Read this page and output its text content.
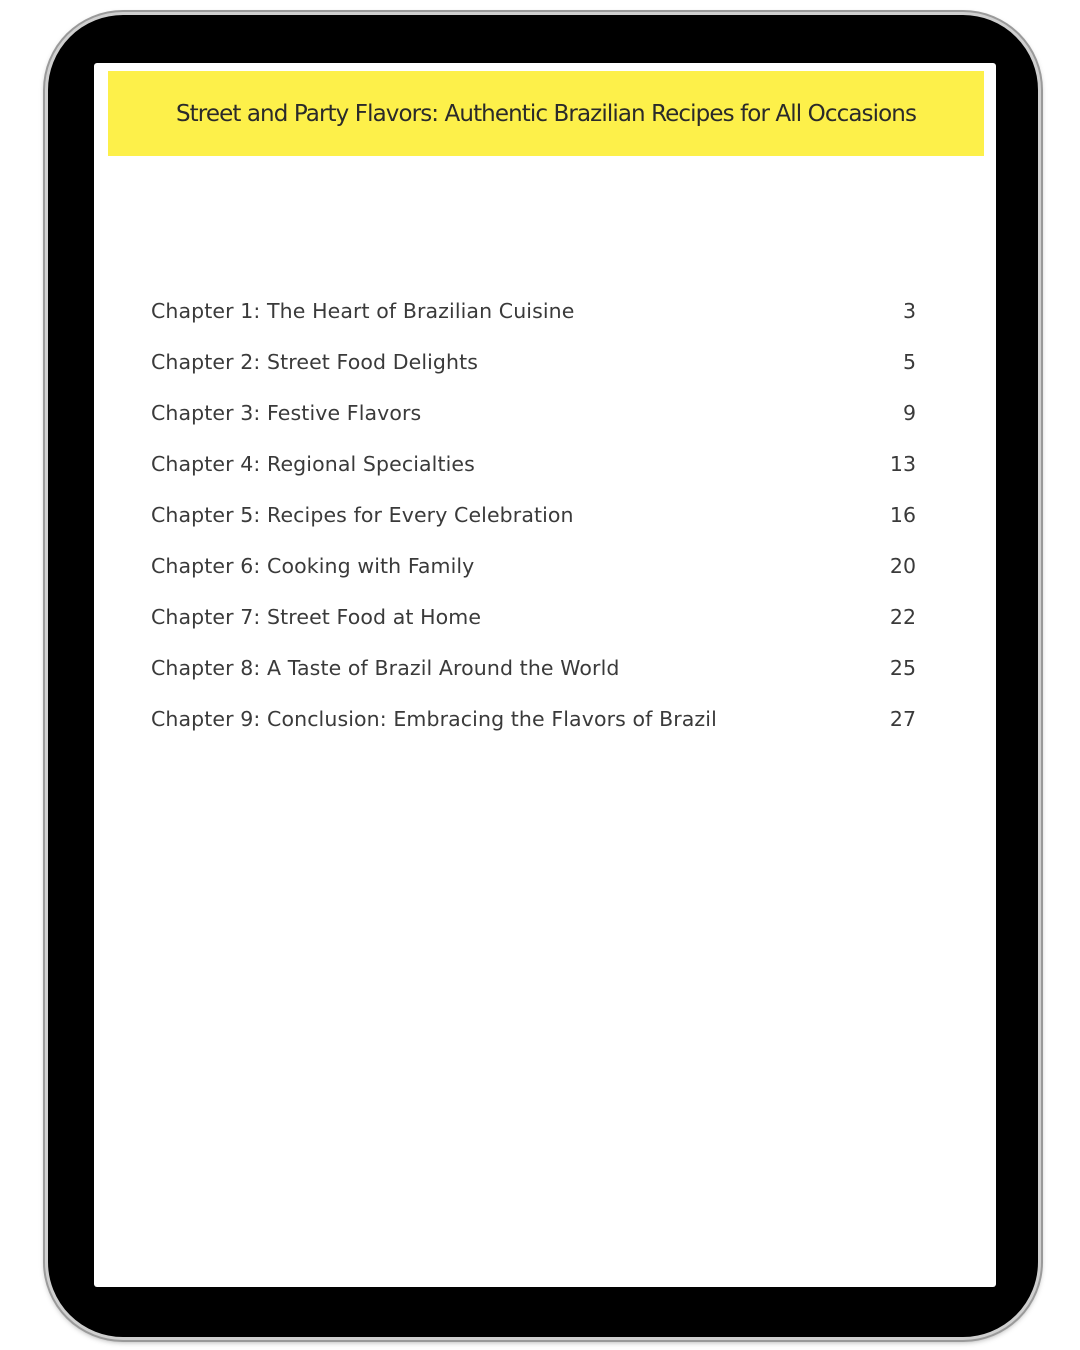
Street and Party Flavors: Authentic Brazilian Recipes for All Occasions
Chapter 1: The Heart of Brazilian Cuisine	3
Chapter 2: Street Food Delights	5
Chapter 3: Festive Flavors	9
Chapter 4: Regional Specialties	13
Chapter 5: Recipes for Every Celebration	16
Chapter 6: Cooking with Family	20
Chapter 7: Street Food at Home	22
Chapter 8: A Taste of Brazil Around the World	25
Chapter 9: Conclusion: Embracing the Flavors of Brazil	27
